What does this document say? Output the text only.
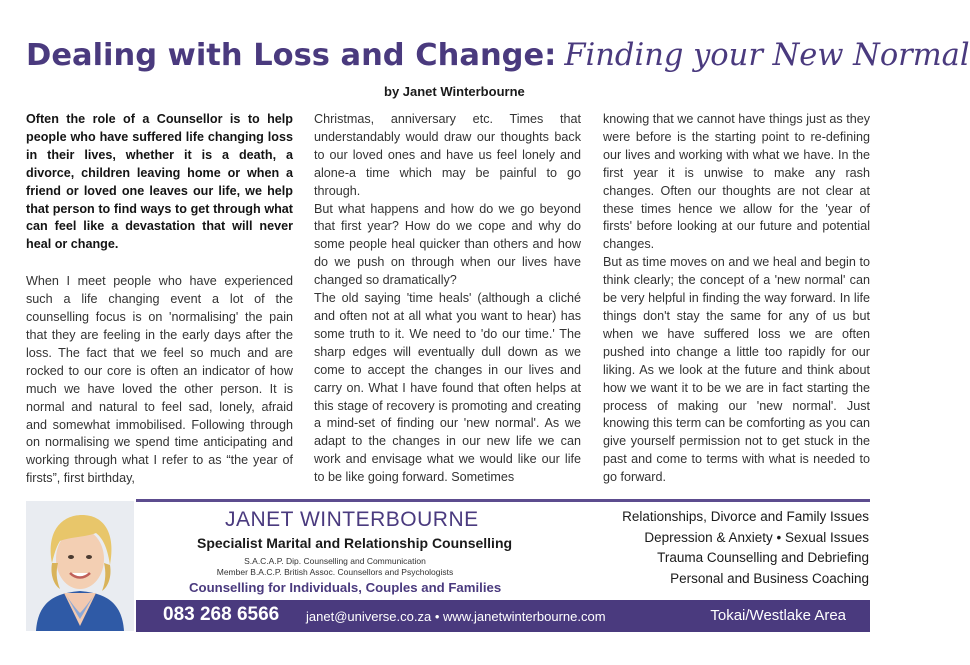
Dealing with Loss and Change: Finding your New Normal
by Janet Winterbourne

Often the role of a Counsellor is to help people who have suffered life changing loss in their lives, whether it is a death, a divorce, children leaving home or when a friend or loved one leaves our life, we help that person to find ways to get through what can feel like a devastation that will never heal or change.

When I meet people who have experienced such a life changing event a lot of the counselling focus is on 'normalising' the pain that they are feeling in the early days after the loss. The fact that we feel so much and are rocked to our core is often an indicator of how much we have loved the other person. It is normal and natural to feel sad, lonely, afraid and somewhat immobilised. Following through on normalising we spend time anticipating and working through what I refer to as “the year of firsts”, first birthday,

Christmas, anniversary etc. Times that understandably would draw our thoughts back to our loved ones and have us feel lonely and alone-a time which may be painful to go through.

But what happens and how do we go beyond that first year? How do we cope and why do some people heal quicker than others and how do we push on through when our lives have changed so dramatically?

The old saying 'time heals' (although a cliché and often not at all what you want to hear) has some truth to it. We need to 'do our time.' The sharp edges will eventually dull down as we come to accept the changes in our lives and carry on. What I have found that often helps at this stage of recovery is promoting and creating a mind-set of finding our 'new normal'. As we adapt to the changes in our new life we can work and envisage what we would like our life to be like going forward. Sometimes

knowing that we cannot have things just as they were before is the starting point to re-defining our lives and working with what we have. In the first year it is unwise to make any rash changes. Often our thoughts are not clear at these times hence we allow for the 'year of firsts' before looking at our future and potential changes.

But as time moves on and we heal and begin to think clearly; the concept of a 'new normal' can be very helpful in finding the way forward. In life things don't stay the same for any of us but when we have suffered loss we are often pushed into change a little too rapidly for our liking. As we look at the future and think about how we want it to be we are in fact starting the process of making our 'new normal'. Just knowing this term can be comforting as you can give yourself permission not to get stuck in the past and come to terms with what is needed to go forward.

JANET WINTERBOURNE
Specialist Marital and Relationship Counselling
S.A.C.A.P. Dip. Counselling and Communication
Member B.A.C.P. British Assoc. Counsellors and Psychologists
Counselling for Individuals, Couples and Families
Relationships, Divorce and Family Issues
Depression & Anxiety • Sexual Issues
Trauma Counselling and Debriefing
Personal and Business Coaching
083 268 6566 janet@universe.co.za • www.janetwinterbourne.com	Tokai/Westlake Area
